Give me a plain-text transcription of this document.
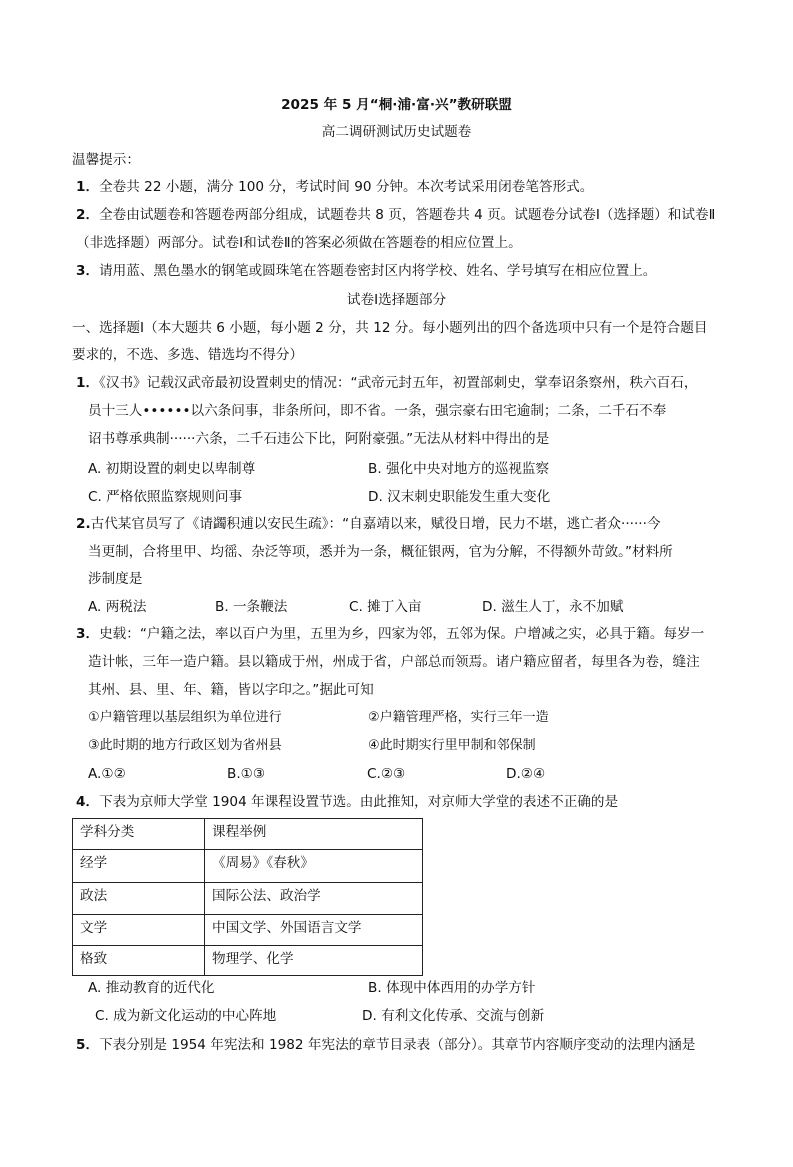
2025 年 5 月“桐·浦·富·兴”教研联盟
高二调研测试历史试题卷
温馨提示：
1．全卷共 22 小题，满分 100 分，考试时间 90 分钟。本次考试采用闭卷笔答形式。
2．全卷由试题卷和答题卷两部分组成，试题卷共 8 页，答题卷共 4 页。试题卷分试卷Ⅰ（选择题）和试卷Ⅱ
（非选择题）两部分。试卷Ⅰ和试卷Ⅱ的答案必须做在答题卷的相应位置上。
3．请用蓝、黑色墨水的钢笔或圆珠笔在答题卷密封区内将学校、姓名、学号填写在相应位置上。
试卷Ⅰ选择题部分
一、选择题Ⅰ（本大题共 6 小题，每小题 2 分，共 12 分。每小题列出的四个备选项中只有一个是符合题目
要求的，不选、多选、错选均不得分）
1．《汉书》记载汉武帝最初设置刺史的情况：“武帝元封五年，初置部刺史，掌奉诏条察州，秩六百石，
员十三人••••••以六条问事，非条所问，即不省。一条，强宗豪右田宅逾制；二条，二千石不奉
诏书尊承典制······六条，二千石违公下比，阿附豪强。”无法从材料中得出的是
A. 初期设置的刺史以卑制尊	B. 强化中央对地方的巡视监察
C. 严格依照监察规则问事	D. 汉末刺史职能发生重大变化
2.古代某官员写了《请蠲积逋以安民生疏》：“自嘉靖以来，赋役日增，民力不堪，逃亡者众······今
当更制，合将里甲、均徭、杂泛等项，悉并为一条，概征银两，官为分解，不得额外苛敛。”材料所
涉制度是
A. 两税法	B. 一条鞭法	C. 摊丁入亩	D. 滋生人丁，永不加赋
3．史载：“户籍之法，率以百户为里，五里为乡，四家为邻，五邻为保。户增减之实，必具于籍。每岁一
造计帐，三年一造户籍。县以籍成于州，州成于省，户部总而领焉。诸户籍应留者，每里各为卷，缝注
其州、县、里、年、籍，皆以字印之。”据此可知
①户籍管理以基层组织为单位进行	②户籍管理严格，实行三年一造
③此时期的地方行政区划为省州县	④此时期实行里甲制和邻保制
A.①②	B.①③	C.②③	D.②④
4．下表为京师大学堂 1904 年课程设置节选。由此推知，对京师大学堂的表述不正确的是
学科分类	课程举例
经学	《周易》《春秋》
政法	国际公法、政治学
文学	中国文学、外国语言文学
格致	物理学、化学
A. 推动教育的近代化	B. 体现中体西用的办学方针
C. 成为新文化运动的中心阵地	D. 有利文化传承、交流与创新
5．下表分别是 1954 年宪法和 1982 年宪法的章节目录表（部分）。其章节内容顺序变动的法理内涵是
